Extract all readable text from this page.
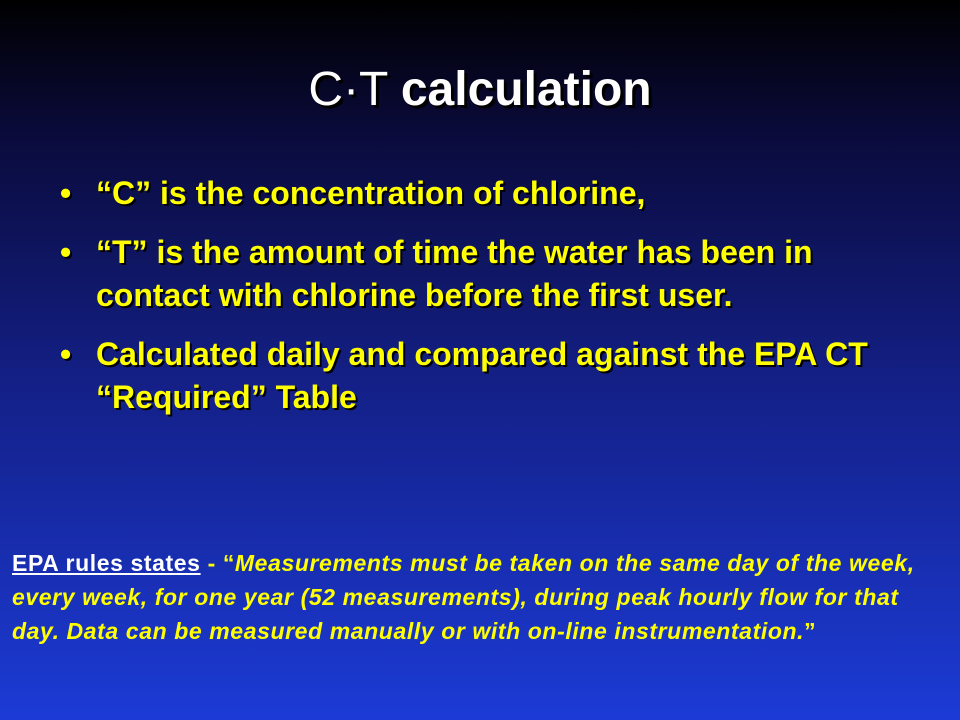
C·T calculation
• “C” is the concentration of chlorine,
• “T” is the amount of time the water has been in contact with chlorine before the first user.
• Calculated daily and compared against the EPA CT “Required” Table
EPA rules states - “Measurements must be taken on the same day of the week, every week, for one year (52 measurements), during peak hourly flow for that day. Data can be measured manually or with on-line instrumentation.”
